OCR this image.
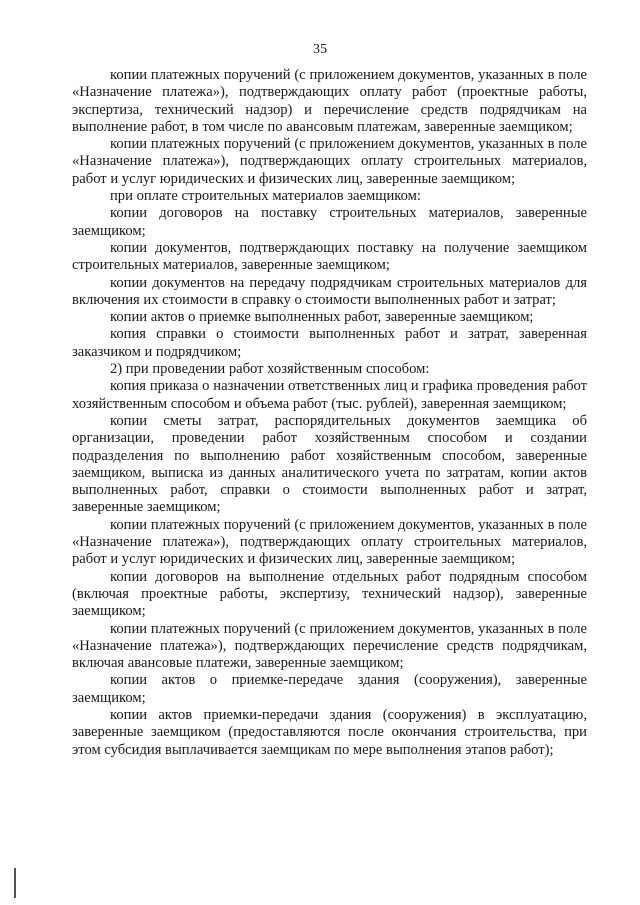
35

копии платежных поручений (с приложением документов, указанных в поле «Назначение платежа»), подтверждающих оплату работ (проектные работы, экспертиза, технический надзор) и перечисление средств подрядчикам на выполнение работ, в том числе по авансовым платежам, заверенные заемщиком;

копии платежных поручений (с приложением документов, указанных в поле «Назначение платежа»), подтверждающих оплату строительных материалов, работ и услуг юридических и физических лиц, заверенные заемщиком;

при оплате строительных материалов заемщиком:

копии договоров на поставку строительных материалов, заверенные заемщиком;

копии документов, подтверждающих поставку на получение заемщиком строительных материалов, заверенные заемщиком;

копии документов на передачу подрядчикам строительных материалов для включения их стоимости в справку о стоимости выполненных работ и затрат;

копии актов о приемке выполненных работ, заверенные заемщиком;

копия справки о стоимости выполненных работ и затрат, заверенная заказчиком и подрядчиком;

2) при проведении работ хозяйственным способом:

копия приказа о назначении ответственных лиц и графика проведения работ хозяйственным способом и объема работ (тыс. рублей), заверенная заемщиком;

копии сметы затрат, распорядительных документов заемщика об организации, проведении работ хозяйственным способом и создании подразделения по выполнению работ хозяйственным способом, заверенные заемщиком, выписка из данных аналитического учета по затратам, копии актов выполненных работ, справки о стоимости выполненных работ и затрат, заверенные заемщиком;

копии платежных поручений (с приложением документов, указанных в поле «Назначение платежа»), подтверждающих оплату строительных материалов, работ и услуг юридических и физических лиц, заверенные заемщиком;

копии договоров на выполнение отдельных работ подрядным способом (включая проектные работы, экспертизу, технический надзор), заверенные заемщиком;

копии платежных поручений (с приложением документов, указанных в поле «Назначение платежа»), подтверждающих перечисление средств подрядчикам, включая авансовые платежи, заверенные заемщиком;

копии актов о приемке-передаче здания (сооружения), заверенные заемщиком;

копии актов приемки-передачи здания (сооружения) в эксплуатацию, заверенные заемщиком (предоставляются после окончания строительства, при этом субсидия выплачивается заемщикам по мере выполнения этапов работ);
